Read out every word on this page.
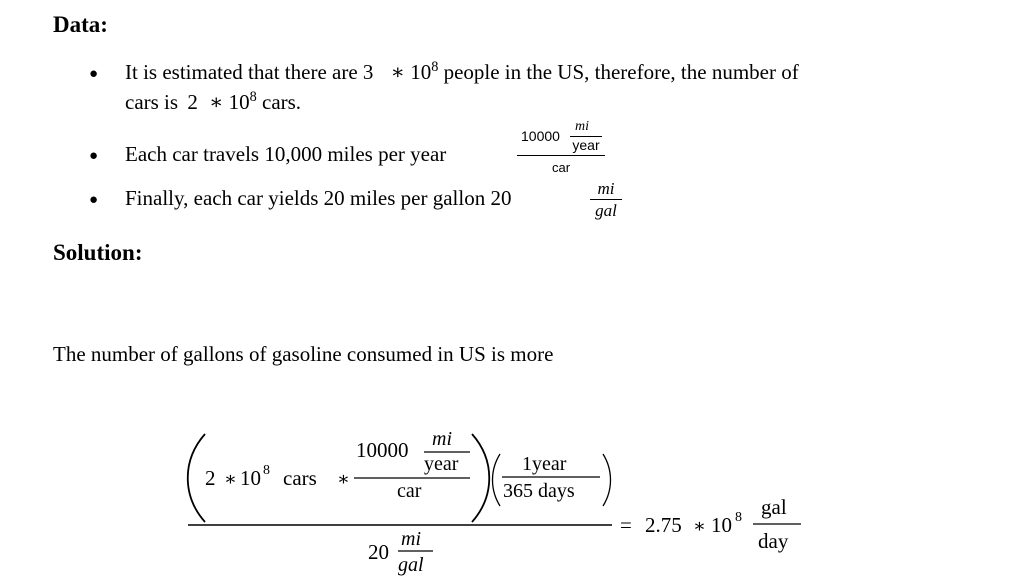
Data:
● It is estimated that there are 3 ∗ $10^8$ people in the US, therefore, the number of
cars is 2 ∗ $10^8$ cars.
● Each car travels 10,000 miles per year
10000
mi
year
car
● Finally, each car yields 20 miles per gallon 20	mi
gal
Solution:
The number of gallons of gasoline consumed in US is more
2 ∗ 10 8 cars ∗
10000 mi
year
car
1year
365 days
20
mi
gal
= 2.75 ∗ 10 8 gal
day
